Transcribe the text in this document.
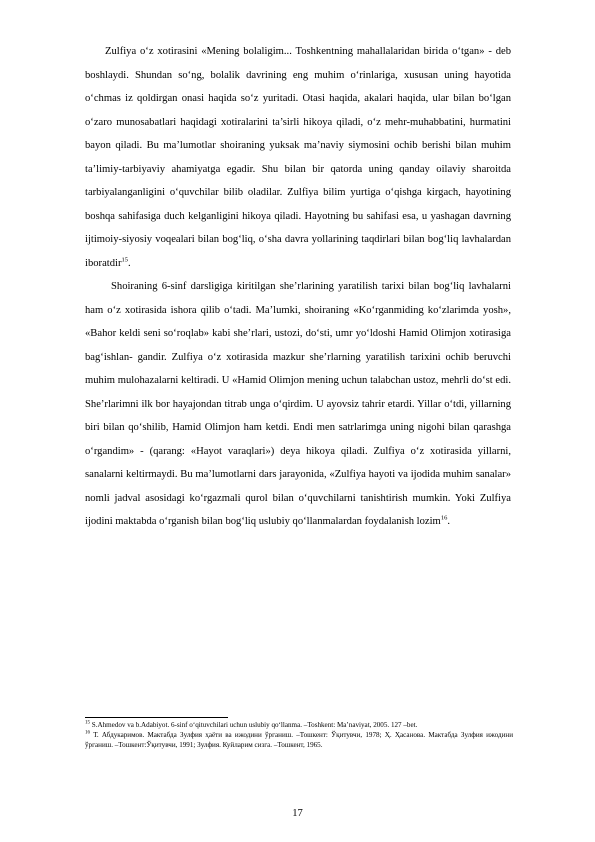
Zulfiya o‘z xotirasini «Mening bolaligim... Toshkentning mahallalaridan birida o‘tgan» - deb boshlaydi. Shundan so‘ng, bolalik davrining eng muhim o‘rinlariga, xususan uning hayotida o‘chmas iz qoldirgan onasi haqida so‘z yuritadi. Otasi haqida, akalari haqida, ular bilan bo‘lgan o‘zaro munosabatlari haqidagi xotiralarini ta’sirli hikoya qiladi, o‘z mehr-muhabbatini, hurmatini bayon qiladi. Bu ma’lumotlar shoiraning yuksak ma’naviy siymosini ochib berishi bilan muhim ta’limiy-tarbiyaviy ahamiyatga egadir. Shu bilan bir qatorda uning qanday oilaviy sharoitda tarbiyalanganligini o‘quvchilar bilib oladilar. Zulfiya bilim yurtiga o‘qishga kirgach, hayotining boshqa sahifasiga duch kelganligini hikoya qiladi. Hayotning bu sahifasi esa, u yashagan davrning ijtimoiy-siyosiy voqealari bilan bog‘liq, o‘sha davra yollarining taqdirlari bilan bog‘liq lavhalardan iboratdir$^{15}$.

Shoiraning 6-sinf darsligiga kiritilgan she’rlarining yaratilish tarixi bilan bog‘liq lavhalarni ham o‘z xotirasida ishora qilib o‘tadi. Ma’lumki, shoiraning «Ko‘rganmiding ko‘zlarimda yosh», «Bahor keldi seni so‘roqlab» kabi she’rlari, ustozi, do‘sti, umr yo‘ldoshi Hamid Olimjon xotirasiga bag‘ishlan- gandir. Zulfiya o‘z xotirasida mazkur she’rlarning yaratilish tarixini ochib beruvchi muhim mulohazalarni keltiradi. U «Hamid Olimjon mening uchun talabchan ustoz, mehrli do‘st edi. She’rlarimni ilk bor hayajondan titrab unga o‘qirdim. U ayovsiz tahrir etardi. Yillar o‘tdi, yillarning biri bilan qo‘shilib, Hamid Olimjon ham ketdi. Endi men satrlarimga uning nigohi bilan qarashga o‘rgandim» - (qarang: «Hayot varaqlari») deya hikoya qiladi. Zulfiya o‘z xotirasida yillarni, sanalarni keltirmaydi. Bu ma’lumotlarni dars jarayonida, «Zulfiya hayoti va ijodida muhim sanalar» nomli jadval asosidagi ko‘rgazmali qurol bilan o‘quvchilarni tanishtirish mumkin. Yoki Zulfiya ijodini maktabda o‘rganish bilan bog‘liq uslubiy qo‘llanmalardan foydalanish lozim$^{16}$.

$^{15}$ S.Ahmedov va b.Adabiyot. 6-sinf o‘qituvchilari uchun uslubiy qo‘llanma. –Toshkent: Ma’naviyat, 2005. 127 –bet.

$^{16}$ Т. Абдукаримов. Мактабда Зулфия ҳаёти ва ижодини ўрганиш. –Тошкент: Ўқитувчи, 1978; Ҳ. Ҳасанова. Мактабда Зулфия ижодини ўрганиш. –Тошкент:Ўқитувчи, 1991; Зулфия. Куйларим сизга. –Тошкент, 1965.

17
